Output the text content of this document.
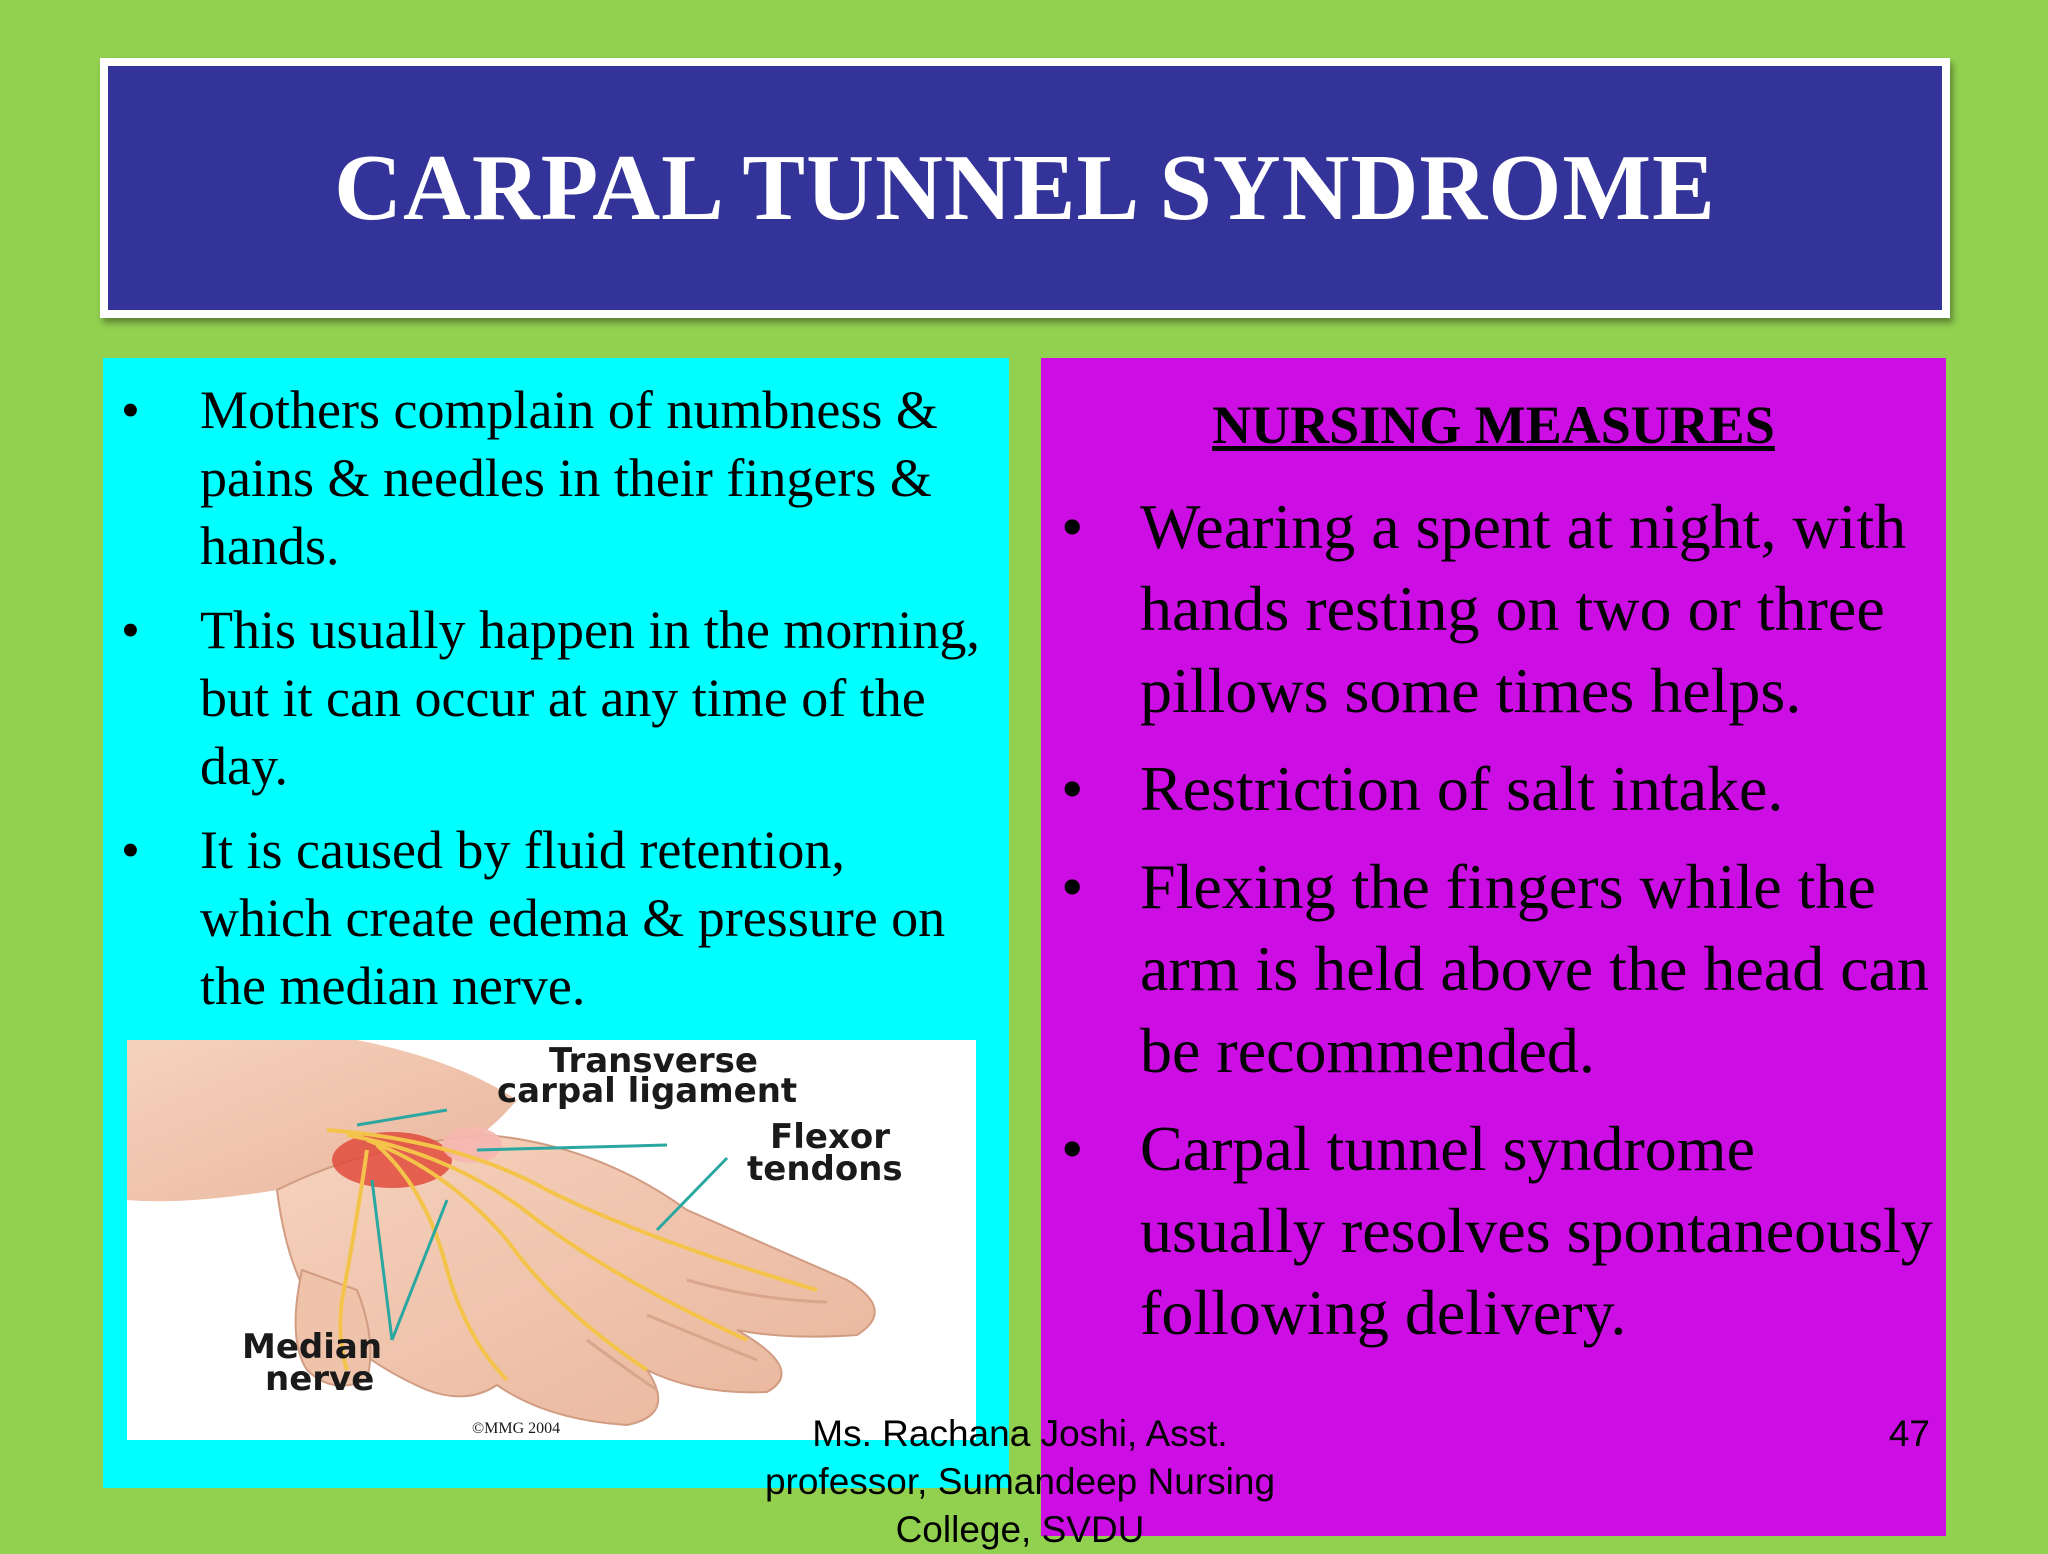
CARPAL TUNNEL SYNDROME
• Mothers complain of numbness & pains & needles in their fingers & hands.
• This usually happen in the morning, but it can occur at any time of the day.
• It is caused by fluid retention, which create edema & pressure on the median nerve.
Transverse
carpal ligament
Flexor
tendons
Median
nerve
©MMG 2004
NURSING MEASURES
• Wearing a spent at night, with hands resting on two or three pillows some times helps.
• Restriction of salt intake.
• Flexing the fingers while the arm is held above the head can be recommended.
• Carpal tunnel syndrome usually resolves spontaneously following delivery.
Ms. Rachana Joshi, Asst.
professor, Sumandeep Nursing
College, SVDU
47
